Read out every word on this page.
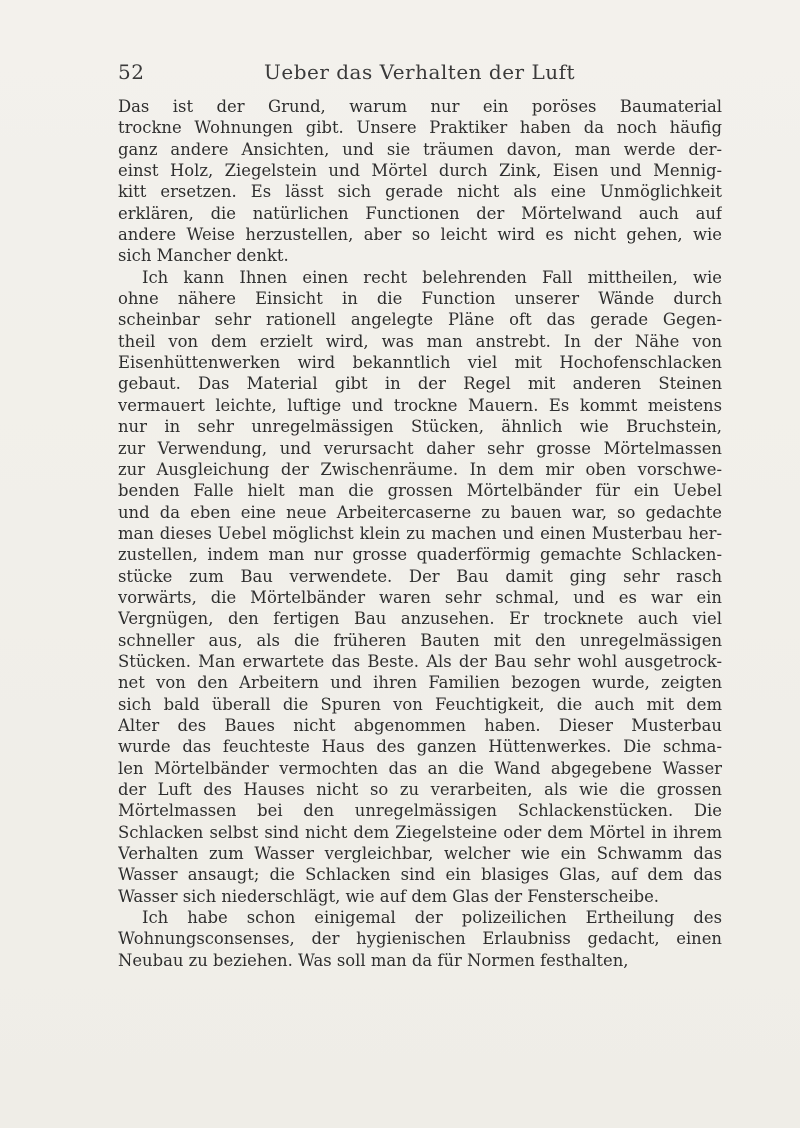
52	Ueber das Verhalten der Luft
Das ist der Grund, warum nur ein poröses Baumaterial
trockne Wohnungen gibt. Unsere Praktiker haben da noch häufig
ganz andere Ansichten, und sie träumen davon, man werde der-
einst Holz, Ziegelstein und Mörtel durch Zink, Eisen und Mennig-
kitt ersetzen. Es lässt sich gerade nicht als eine Unmöglichkeit
erklären, die natürlichen Functionen der Mörtelwand auch auf
andere Weise herzustellen, aber so leicht wird es nicht gehen, wie
sich Mancher denkt.
Ich kann Ihnen einen recht belehrenden Fall mittheilen, wie
ohne nähere Einsicht in die Function unserer Wände durch
scheinbar sehr rationell angelegte Pläne oft das gerade Gegen-
theil von dem erzielt wird, was man anstrebt. In der Nähe von
Eisenhüttenwerken wird bekanntlich viel mit Hochofenschlacken
gebaut. Das Material gibt in der Regel mit anderen Steinen
vermauert leichte, luftige und trockne Mauern. Es kommt meistens
nur in sehr unregelmässigen Stücken, ähnlich wie Bruchstein,
zur Verwendung, und verursacht daher sehr grosse Mörtelmassen
zur Ausgleichung der Zwischenräume. In dem mir oben vorschwe-
benden Falle hielt man die grossen Mörtelbänder für ein Uebel
und da eben eine neue Arbeitercaserne zu bauen war, so gedachte
man dieses Uebel möglichst klein zu machen und einen Musterbau her-
zustellen, indem man nur grosse quaderförmig gemachte Schlacken-
stücke zum Bau verwendete. Der Bau damit ging sehr rasch
vorwärts, die Mörtelbänder waren sehr schmal, und es war ein
Vergnügen, den fertigen Bau anzusehen. Er trocknete auch viel
schneller aus, als die früheren Bauten mit den unregelmässigen
Stücken. Man erwartete das Beste. Als der Bau sehr wohl ausgetrock-
net von den Arbeitern und ihren Familien bezogen wurde, zeigten
sich bald überall die Spuren von Feuchtigkeit, die auch mit dem
Alter des Baues nicht abgenommen haben. Dieser Musterbau
wurde das feuchteste Haus des ganzen Hüttenwerkes. Die schma-
len Mörtelbänder vermochten das an die Wand abgegebene Wasser
der Luft des Hauses nicht so zu verarbeiten, als wie die grossen
Mörtelmassen bei den unregelmässigen Schlackenstücken. Die
Schlacken selbst sind nicht dem Ziegelsteine oder dem Mörtel in ihrem
Verhalten zum Wasser vergleichbar, welcher wie ein Schwamm das
Wasser ansaugt; die Schlacken sind ein blasiges Glas, auf dem das
Wasser sich niederschlägt, wie auf dem Glas der Fensterscheibe.
Ich habe schon einigemal der polizeilichen Ertheilung des
Wohnungsconsenses, der hygienischen Erlaubniss gedacht, einen
Neubau zu beziehen. Was soll man da für Normen festhalten,
